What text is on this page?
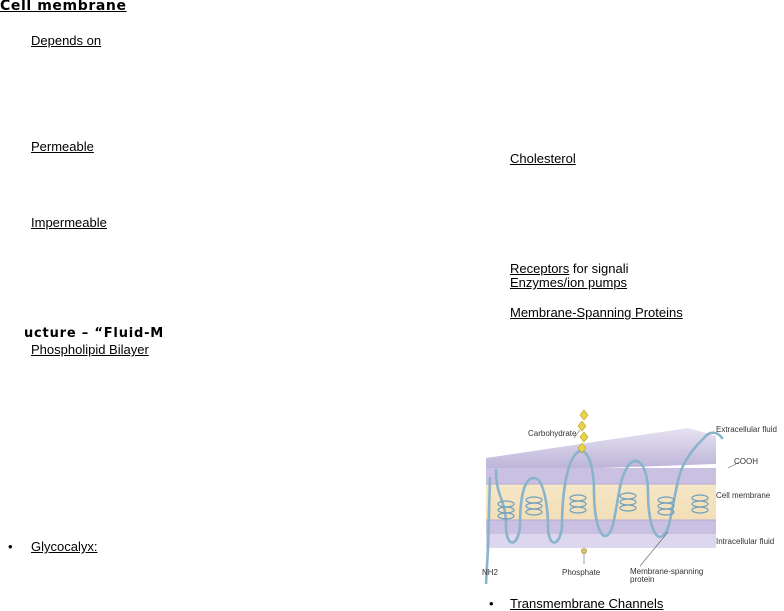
Cell membrane
Depends on
Permeable
Impermeable
ucture – “Fluid-M
Phospholipid Bilayer
• Glycocalyx:
Cholesterol
Receptors for signali
Enzymes/ion pumps
Membrane-Spanning Proteins
• Transmembrane Channels
Carbohydrate	Extracellular fluid
COOH
Cell membrane
Intracellular fluid
NH2	Phosphate	Membrane-spanning
protein
